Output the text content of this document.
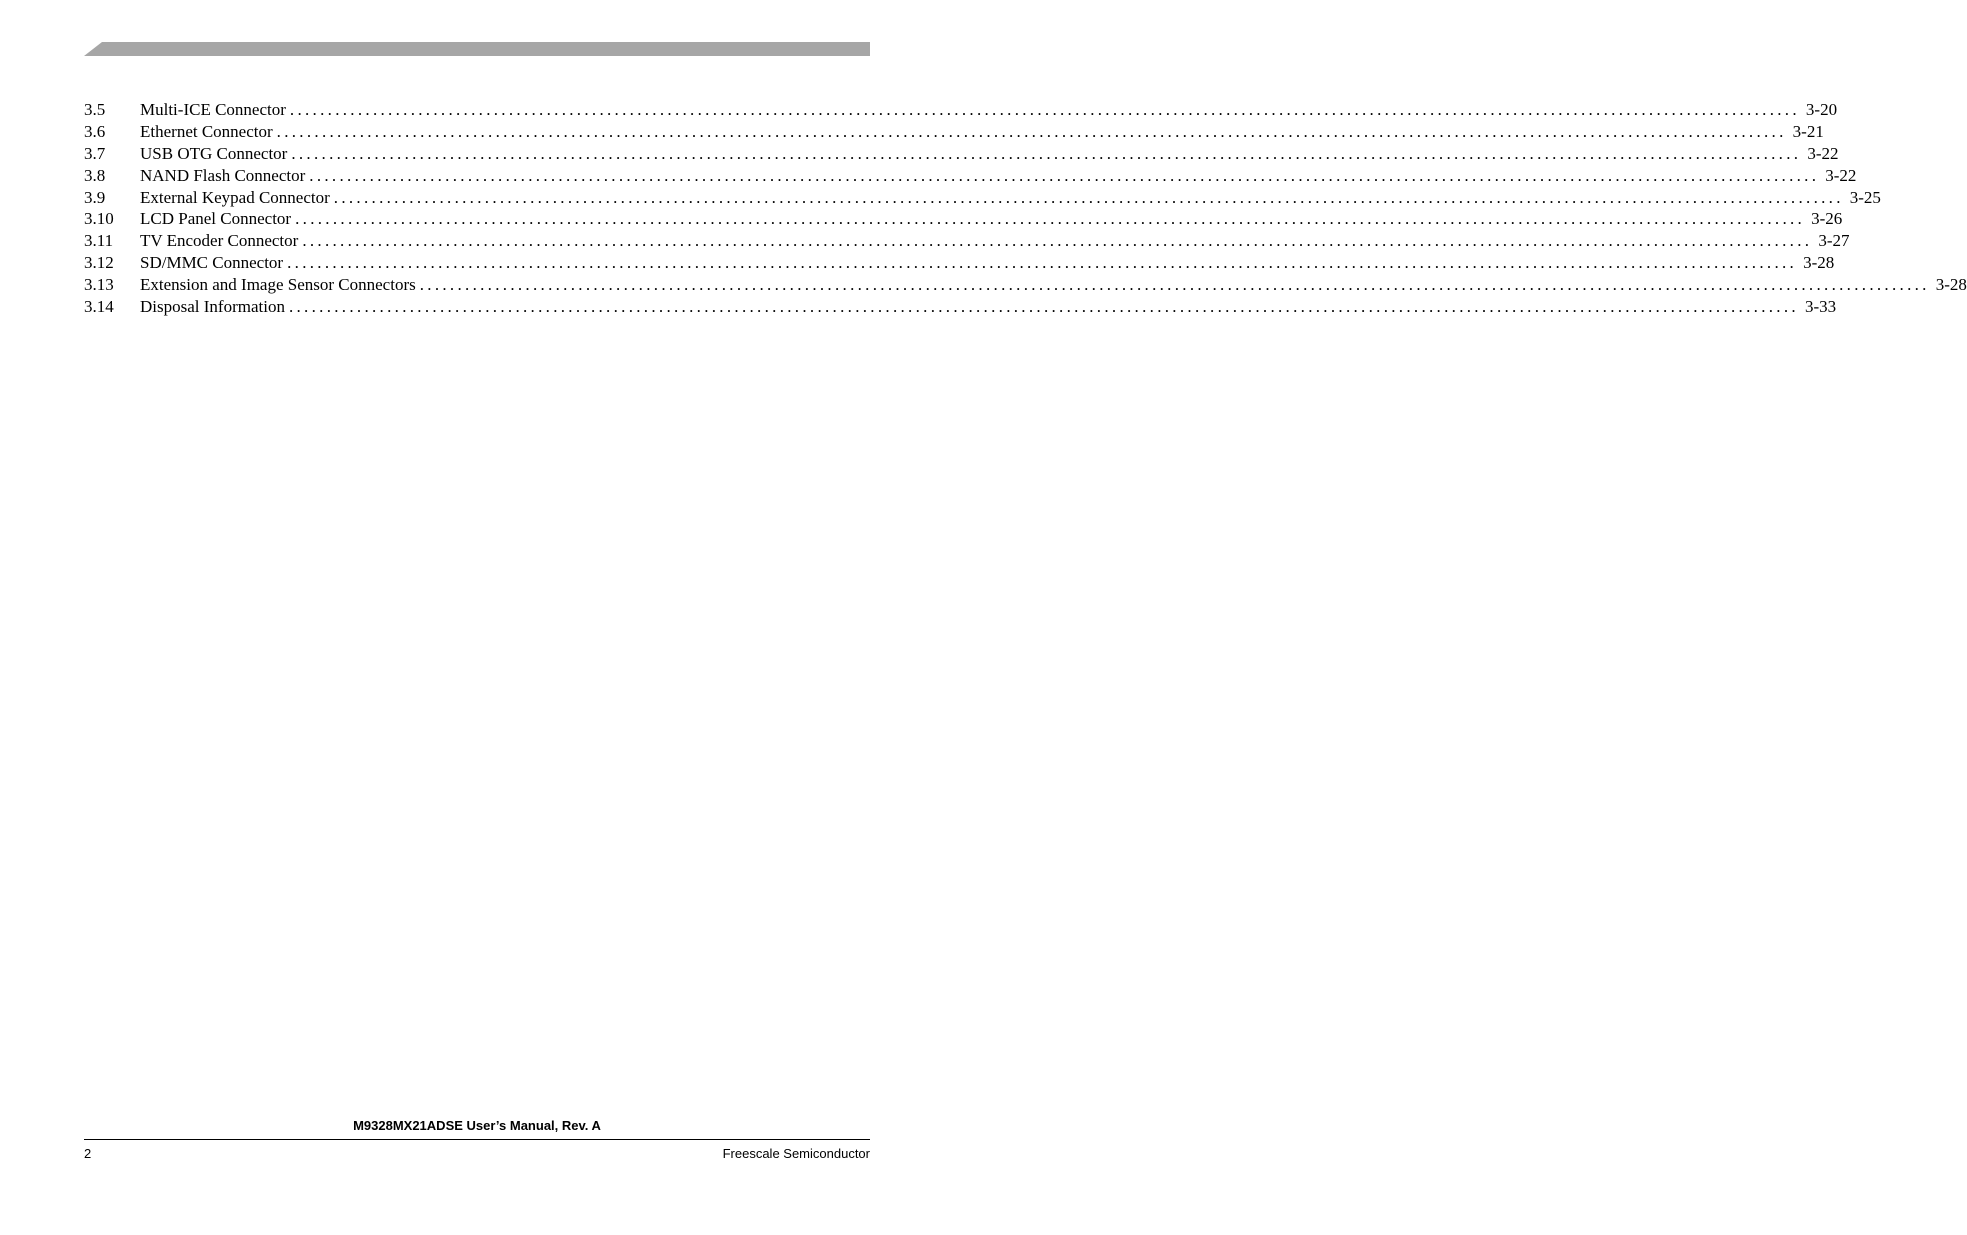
3.5	Multi-ICE Connector ........................................................................................................................................................................................................ 3-20
3.6	Ethernet Connector ........................................................................................................................................................................................................ 3-21
3.7	USB OTG Connector ........................................................................................................................................................................................................ 3-22
3.8	NAND Flash Connector ........................................................................................................................................................................................................ 3-22
3.9	External Keypad Connector ........................................................................................................................................................................................................ 3-25
3.10	LCD Panel Connector ........................................................................................................................................................................................................ 3-26
3.11	TV Encoder Connector ........................................................................................................................................................................................................ 3-27
3.12	SD/MMC Connector ........................................................................................................................................................................................................ 3-28
3.13	Extension and Image Sensor Connectors ........................................................................................................................................................................................................ 3-28
3.14	Disposal Information ........................................................................................................................................................................................................ 3-33
M9328MX21ADSE User’s Manual, Rev. A
2	Freescale Semiconductor
